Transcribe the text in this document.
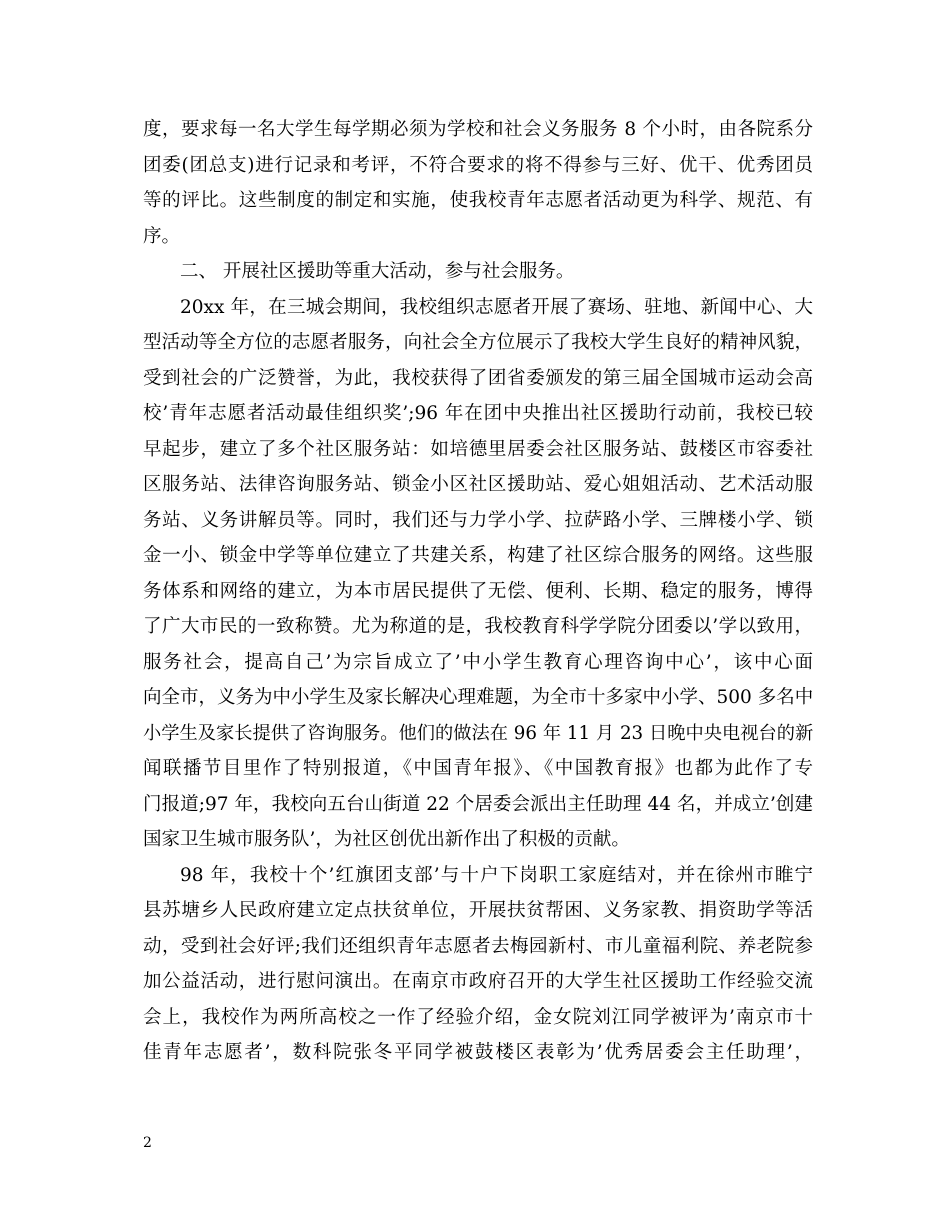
度，要求每一名大学生每学期必须为学校和社会义务服务 8 个小时，由各院系分
团委(团总支)进行记录和考评，不符合要求的将不得参与三好、优干、优秀团员
等的评比。这些制度的制定和实施，使我校青年志愿者活动更为科学、规范、有
序。
二、 开展社区援助等重大活动，参与社会服务。
20xx 年，在三城会期间，我校组织志愿者开展了赛场、驻地、新闻中心、大
型活动等全方位的志愿者服务，向社会全方位展示了我校大学生良好的精神风貌，
受到社会的广泛赞誉，为此，我校获得了团省委颁发的第三届全国城市运动会高
校’青年志愿者活动最佳组织奖’;96 年在团中央推出社区援助行动前，我校已较
早起步，建立了多个社区服务站：如培德里居委会社区服务站、鼓楼区市容委社
区服务站、法律咨询服务站、锁金小区社区援助站、爱心姐姐活动、艺术活动服
务站、义务讲解员等。同时，我们还与力学小学、拉萨路小学、三牌楼小学、锁
金一小、锁金中学等单位建立了共建关系，构建了社区综合服务的网络。这些服
务体系和网络的建立，为本市居民提供了无偿、便利、长期、稳定的服务，博得
了广大市民的一致称赞。尤为称道的是，我校教育科学学院分团委以’学以致用，
服务社会，提高自己’为宗旨成立了’中小学生教育心理咨询中心’，该中心面
向全市，义务为中小学生及家长解决心理难题，为全市十多家中小学、500 多名中
小学生及家长提供了咨询服务。他们的做法在 96 年 11 月 23 日晚中央电视台的新
闻联播节目里作了特别报道，《中国青年报》、《中国教育报》也都为此作了专
门报道;97 年，我校向五台山街道 22 个居委会派出主任助理 44 名，并成立’创建
国家卫生城市服务队’，为社区创优出新作出了积极的贡献。
98 年，我校十个’红旗团支部’与十户下岗职工家庭结对，并在徐州市睢宁
县苏塘乡人民政府建立定点扶贫单位，开展扶贫帮困、义务家教、捐资助学等活
动，受到社会好评;我们还组织青年志愿者去梅园新村、市儿童福利院、养老院参
加公益活动，进行慰问演出。在南京市政府召开的大学生社区援助工作经验交流
会上，我校作为两所高校之一作了经验介绍，金女院刘江同学被评为’南京市十
佳青年志愿者’，数科院张冬平同学被鼓楼区表彰为’优秀居委会主任助理’，
2
